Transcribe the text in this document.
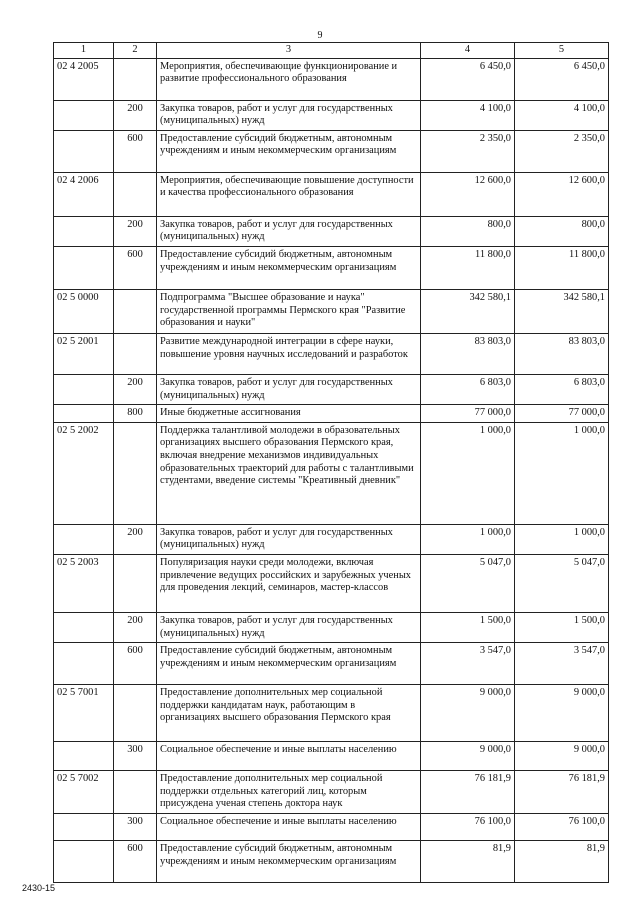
9
1	2	3	4	5
02 4 2005		Мероприятия, обеспечивающие функционирование и развитие профессионального образования	6 450,0	6 450,0
	200	Закупка товаров, работ и услуг для государственных (муниципальных) нужд	4 100,0	4 100,0
	600	Предоставление субсидий бюджетным, автономным учреждениям и иным некоммерческим организациям	2 350,0	2 350,0
02 4 2006		Мероприятия, обеспечивающие повышение доступности и качества профессионального образования	12 600,0	12 600,0
	200	Закупка товаров, работ и услуг для государственных (муниципальных) нужд	800,0	800,0
	600	Предоставление субсидий бюджетным, автономным учреждениям и иным некоммерческим организациям	11 800,0	11 800,0
02 5 0000		Подпрограмма "Высшее образование и наука" государственной программы Пермского края "Развитие образования и науки"	342 580,1	342 580,1
02 5 2001		Развитие международной интеграции в сфере науки, повышение уровня научных исследований и разработок	83 803,0	83 803,0
	200	Закупка товаров, работ и услуг для государственных (муниципальных) нужд	6 803,0	6 803,0
	800	Иные бюджетные ассигнования	77 000,0	77 000,0
02 5 2002		Поддержка талантливой молодежи в образовательных организациях высшего образования Пермского края, включая внедрение механизмов индивидуальных образовательных траекторий для работы с талантливыми студентами, введение системы "Креативный дневник"	1 000,0	1 000,0
	200	Закупка товаров, работ и услуг для государственных (муниципальных) нужд	1 000,0	1 000,0
02 5 2003		Популяризация науки среди молодежи, включая привлечение ведущих российских и зарубежных ученых для проведения лекций, семинаров, мастер-классов	5 047,0	5 047,0
	200	Закупка товаров, работ и услуг для государственных (муниципальных) нужд	1 500,0	1 500,0
	600	Предоставление субсидий бюджетным, автономным учреждениям и иным некоммерческим организациям	3 547,0	3 547,0
02 5 7001		Предоставление дополнительных мер социальной поддержки кандидатам наук, работающим в организациях высшего образования Пермского края	9 000,0	9 000,0
	300	Социальное обеспечение и иные выплаты населению	9 000,0	9 000,0
02 5 7002		Предоставление дополнительных мер социальной поддержки отдельных категорий лиц, которым присуждена ученая степень доктора наук	76 181,9	76 181,9
	300	Социальное обеспечение и иные выплаты населению	76 100,0	76 100,0
	600	Предоставление субсидий бюджетным, автономным учреждениям и иным некоммерческим организациям	81,9	81,9
2430-15
